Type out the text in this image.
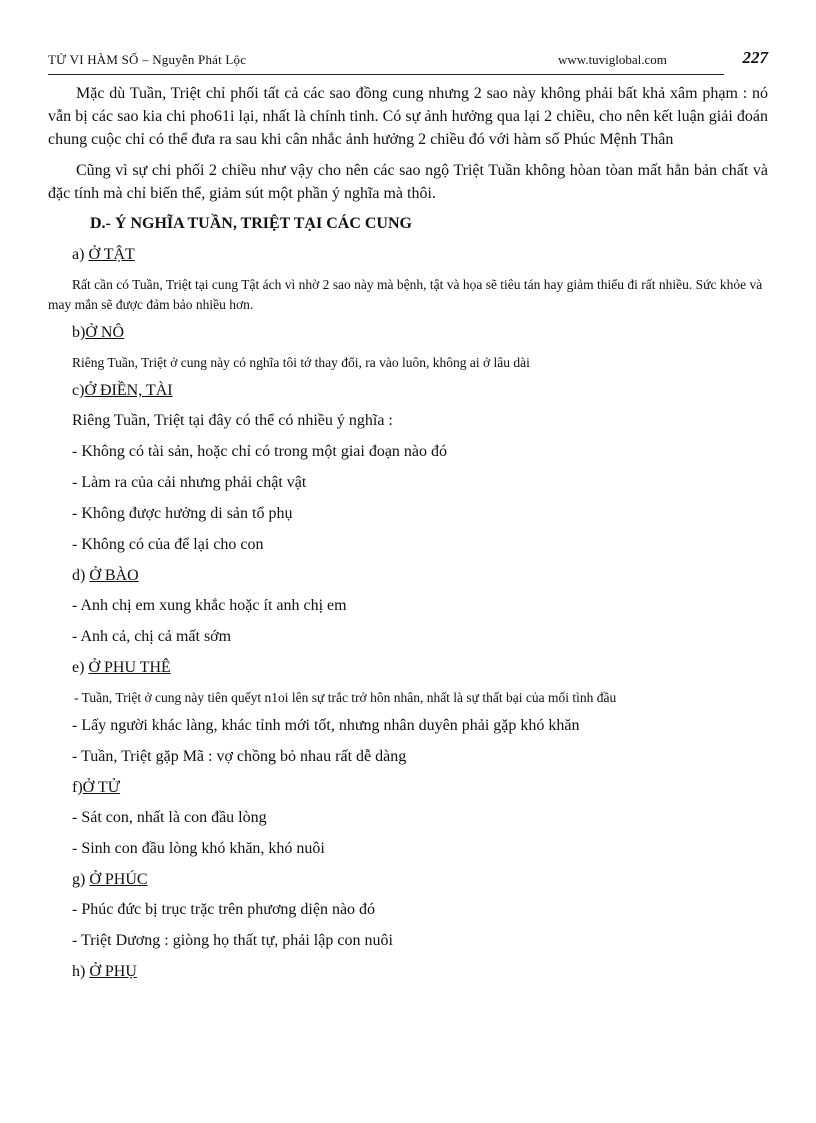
TỬ VI HÀM SỐ – Nguyễn Phát Lộc	www.tuviglobal.com	227

Mặc dù Tuần, Triệt chỉ phối tất cả các sao đồng cung nhưng 2 sao này không phải bất khả xâm phạm : nó vẫn bị các sao kia chi pho61i lại, nhất là chính tinh. Có sự ảnh hưởng qua lại 2 chiều, cho nên kết luận giải đoán chung cuộc chỉ có thể đưa ra sau khi cân nhắc ảnh hưởng 2 chiều đó với hàm số Phúc Mệnh Thân

Cũng vì sự chi phối 2 chiều như vậy cho nên các sao ngộ Triệt Tuần không hòan tòan mất hẳn bản chất và đặc tính mà chỉ biến thể, giảm sút một phần ý nghĩa mà thôi.

D.- Ý NGHĨA TUẦN, TRIỆT TẠI CÁC CUNG

a) Ở TẬT

Rất cần có Tuần, Triệt tại cung Tật ách vì nhờ 2 sao này mà bệnh, tật và họa sẽ tiêu tán hay giảm thiểu đi rất nhiều. Sức khỏe và may mắn sẽ được đảm bảo nhiều hơn.

b)Ở NÔ

Riêng Tuần, Triệt ở cung này có nghĩa tôi tớ thay đổi, ra vào luôn, không ai ở lâu dài

c)Ở ĐIỀN, TÀI

Riêng Tuần, Triệt tại đây có thể có nhiều ý nghĩa :

- Không có tài sản, hoặc chỉ có trong một giai đoạn nào đó

- Làm ra của cải nhưng phải chật vật

- Không được hưởng di sản tổ phụ

- Không có của để lại cho con

d) Ở BÀO

- Anh chị em xung khắc hoặc ít anh chị em

- Anh cả, chị cả mất sớm

e) Ở PHU THÊ

- Tuần, Triệt ở cung này tiên quếyt n1oi lên sự trắc trở hôn nhân, nhất là sự thất bại của mối tình đầu

- Lấy người khác làng, khác tỉnh mới tốt, nhưng nhân duyên phải gặp khó khăn

- Tuần, Triệt gặp Mã : vợ chồng bỏ nhau rất dễ dàng

f)Ở TỬ

- Sát con, nhất là con đầu lòng

- Sinh con đầu lòng khó khăn, khó nuôi

g) Ở PHÚC

- Phúc đức bị trục trặc trên phương diện nào đó

- Triệt Dương : giòng họ thất tự, phải lập con nuôi

h) Ở PHỤ
